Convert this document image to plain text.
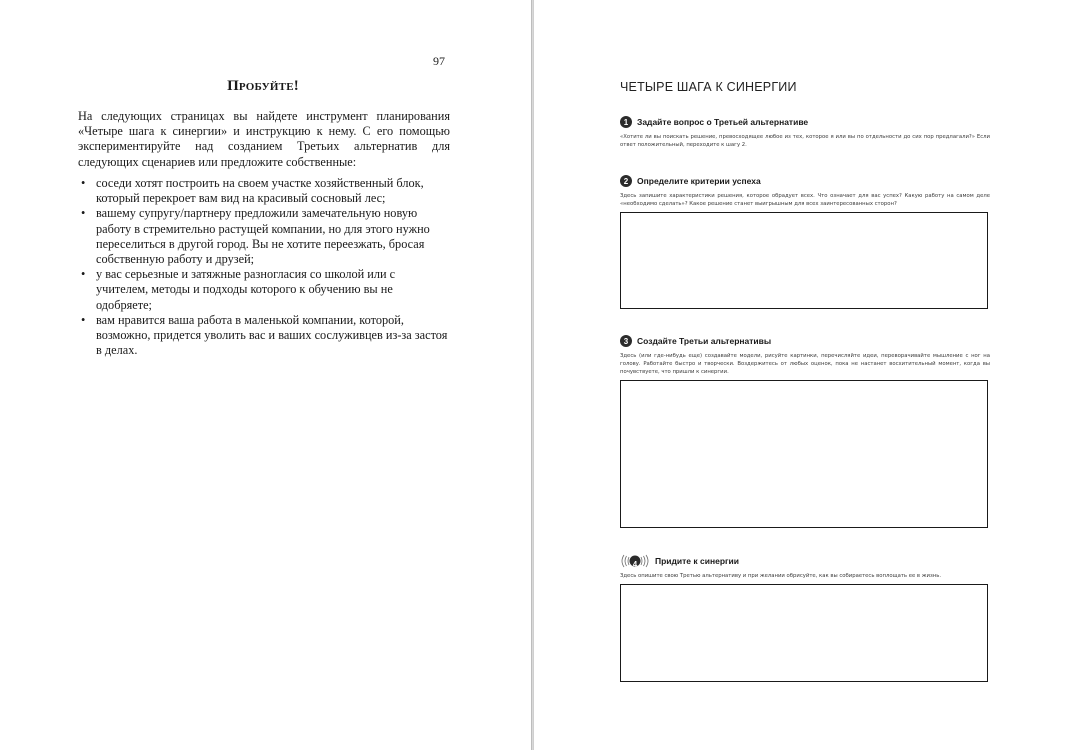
97
Пробуйте!

На следующих страницах вы найдете инструмент планирования «Четыре шага к синергии» и инструкцию к нему. С его помощью экспериментируйте над созданием Третьих альтернатив для следующих сценариев или предложите собственные:

• соседи хотят построить на своем участке хозяйственный блок, который перекроет вам вид на красивый сосновый лес;
• вашему супругу/партнеру предложили замечательную новую работу в стремительно растущей компании, но для этого нужно переселиться в другой город. Вы не хотите переезжать, бросая собственную работу и друзей;
• у вас серьезные и затяжные разногласия со школой или с учителем, методы и подходы которого к обучению вы не одобряете;
• вам нравится ваша работа в маленькой компании, которой, возможно, придется уволить вас и ваших сослуживцев из-за застоя в делах.
ЧЕТЫРЕ ШАГА К СИНЕРГИИ
1	Задайте вопрос о Третьей альтернативе

«Хотите ли вы поискать решение, превосходящее любое из тех, которое я или вы по отдельности до сих пор предлагали?» Если ответ положительный, переходите к шагу 2.

2	Определите критерии успеха

Здесь запишите характеристики решения, которое обрадует всех. Что означает для вас успех? Какую работу на самом деле «необходимо сделать»? Какое решение станет выигрышным для всех заинтересованных сторон?

3	Создайте Третьи альтернативы

Здесь (или где-нибудь еще) создавайте модели, рисуйте картинки, перечисляйте идеи, переворачивайте мышление с ног на голову. Работайте быстро и творчески. Воздержитесь от любых оценок, пока не настанет восхитительный момент, когда вы почувствуете, что пришли к синергии.

Придите к синергии

Здесь опишите свою Третью альтернативу и при желании обрисуйте, как вы собираетесь воплощать ее в жизнь.

4
